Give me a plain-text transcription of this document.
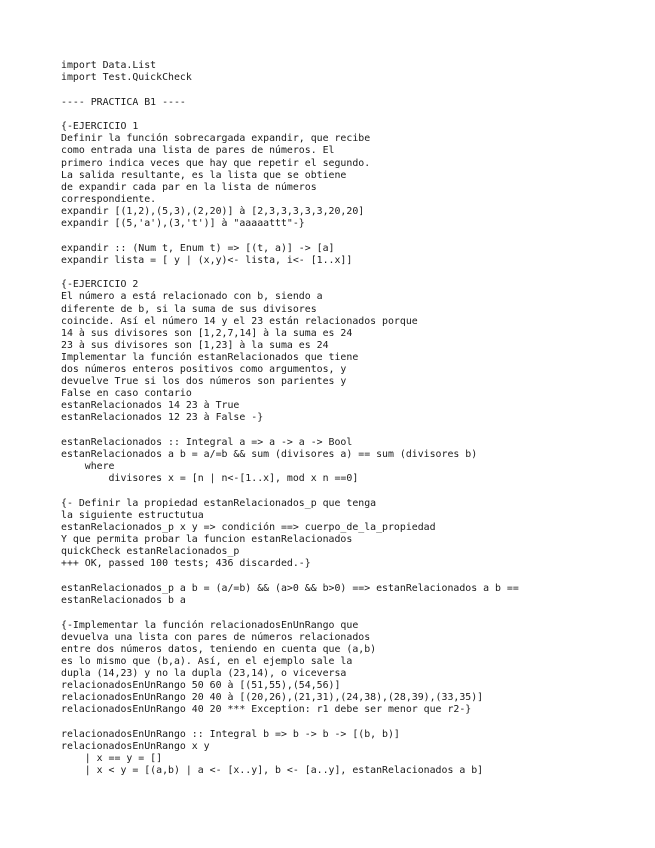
import Data.List
import Test.QuickCheck
---- PRACTICA B1 ----
{-EJERCICIO 1
Definir la función sobrecargada expandir, que recibe
como entrada una lista de pares de números. El
primero indica veces que hay que repetir el segundo.
La salida resultante, es la lista que se obtiene
de expandir cada par en la lista de números
correspondiente.
expandir [(1,2),(5,3),(2,20)] à [2,3,3,3,3,3,20,20]
expandir [(5,'a'),(3,'t')] à "aaaaattt"-}
expandir :: (Num t, Enum t) => [(t, a)] -> [a]
expandir lista = [ y | (x,y)<- lista, i<- [1..x]]
{-EJERCICIO 2
El número a está relacionado con b, siendo a
diferente de b, si la suma de sus divisores
coincide. Así el número 14 y el 23 están relacionados porque
14 à sus divisores son [1,2,7,14] à la suma es 24
23 à sus divisores son [1,23] à la suma es 24
Implementar la función estanRelacionados que tiene
dos números enteros positivos como argumentos, y
devuelve True si los dos números son parientes y
False en caso contario
estanRelacionados 14 23 à True
estanRelacionados 12 23 à False -}
estanRelacionados :: Integral a => a -> a -> Bool
estanRelacionados a b = a/=b && sum (divisores a) == sum (divisores b)
where
divisores x = [n | n<-[1..x], mod x n ==0]
{- Definir la propiedad estanRelacionados_p que tenga
la siguiente estructutua
estanRelacionados_p x y => condición ==> cuerpo_de_la_propiedad
Y que permita probar la funcion estanRelacionados
quickCheck estanRelacionados_p
+++ OK, passed 100 tests; 436 discarded.-}
estanRelacionados_p a b = (a/=b) && (a>0 && b>0) ==> estanRelacionados a b ==
estanRelacionados b a
{-Implementar la función relacionadosEnUnRango que
devuelva una lista con pares de números relacionados
entre dos números datos, teniendo en cuenta que (a,b)
es lo mismo que (b,a). Así, en el ejemplo sale la
dupla (14,23) y no la dupla (23,14), o viceversa
relacionadosEnUnRango 50 60 à [(51,55),(54,56)]
relacionadosEnUnRango 20 40 à [(20,26),(21,31),(24,38),(28,39),(33,35)]
relacionadosEnUnRango 40 20 *** Exception: r1 debe ser menor que r2-}
relacionadosEnUnRango :: Integral b => b -> b -> [(b, b)]
relacionadosEnUnRango x y
| x == y = []
| x < y = [(a,b) | a <- [x..y], b <- [a..y], estanRelacionados a b]
